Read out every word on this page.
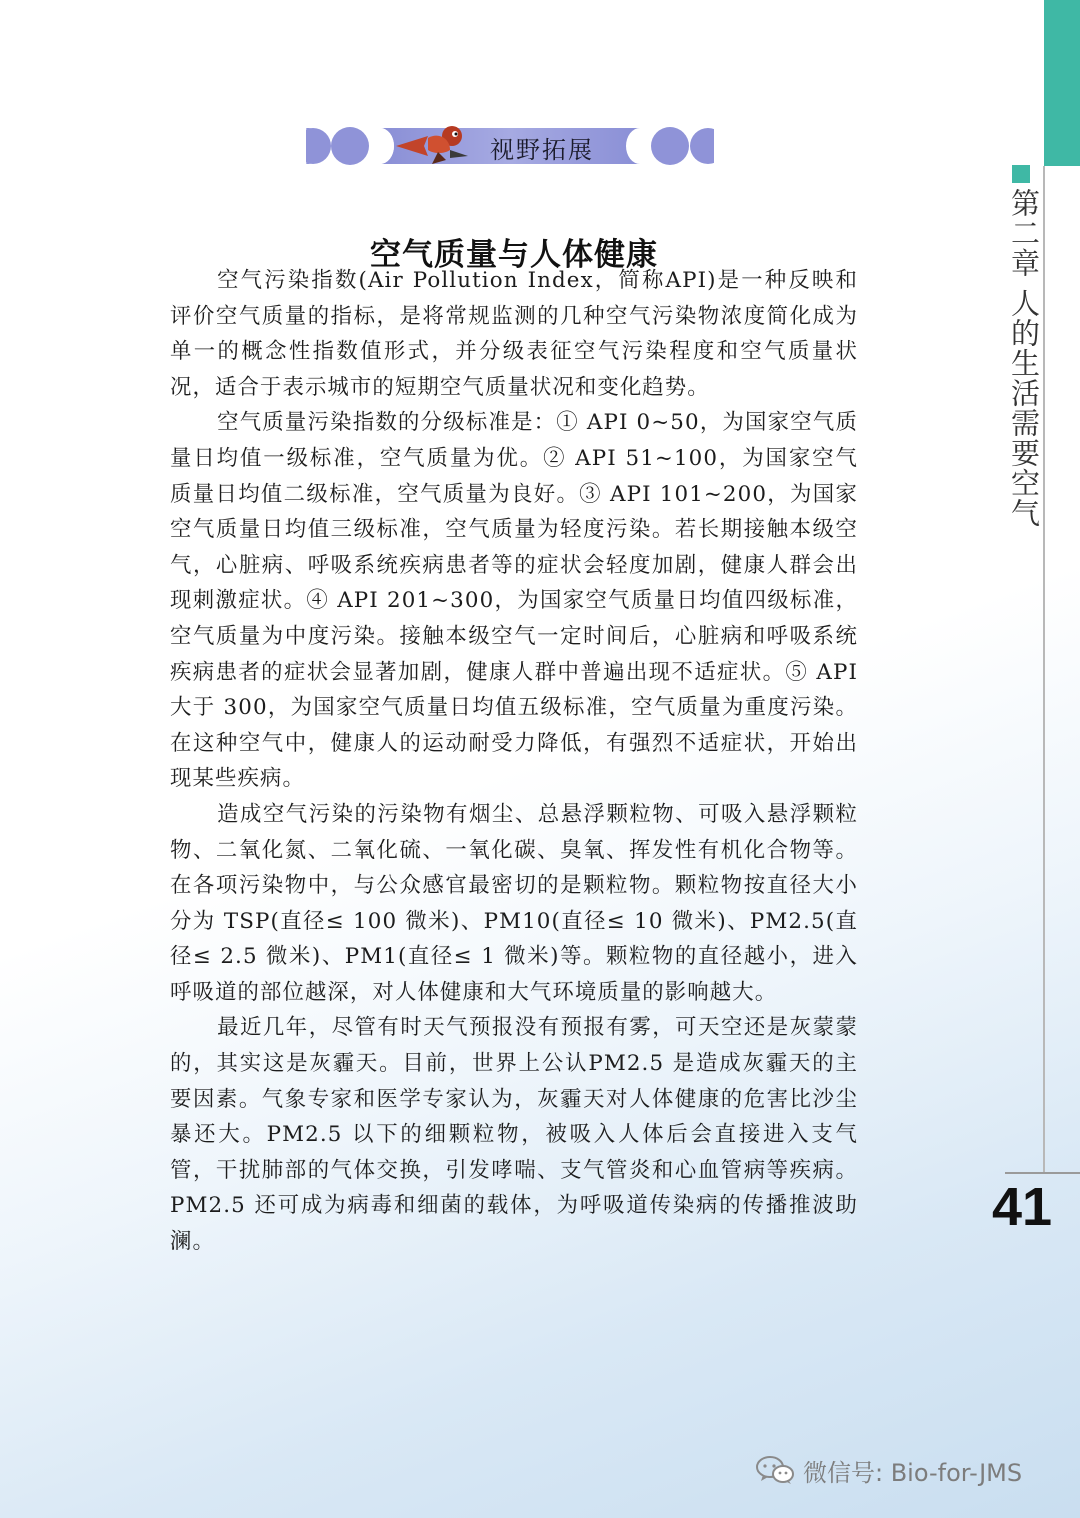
第二章 人的生活需要空气
41
视野拓展
空气质量与人体健康

空气污染指数(Air Pollution Index，简称API)是一种反映和评价空气质量的指标，是将常规监测的几种空气污染物浓度简化成为单一的概念性指数值形式，并分级表征空气污染程度和空气质量状况，适合于表示城市的短期空气质量状况和变化趋势。

空气质量污染指数的分级标准是：① API 0~50，为国家空气质量日均值一级标准，空气质量为优。② API 51~100，为国家空气质量日均值二级标准，空气质量为良好。③ API 101~200，为国家空气质量日均值三级标准，空气质量为轻度污染。若长期接触本级空气，心脏病、呼吸系统疾病患者等的症状会轻度加剧，健康人群会出现刺激症状。④ API 201~300，为国家空气质量日均值四级标准，空气质量为中度污染。接触本级空气一定时间后，心脏病和呼吸系统疾病患者的症状会显著加剧，健康人群中普遍出现不适症状。⑤ API 大于 300，为国家空气质量日均值五级标准，空气质量为重度污染。在这种空气中，健康人的运动耐受力降低，有强烈不适症状，开始出现某些疾病。

造成空气污染的污染物有烟尘、总悬浮颗粒物、可吸入悬浮颗粒物、二氧化氮、二氧化硫、一氧化碳、臭氧、挥发性有机化合物等。在各项污染物中，与公众感官最密切的是颗粒物。颗粒物按直径大小分为 TSP(直径≤ 100 微米)、PM10(直径≤ 10 微米)、PM2.5(直径≤ 2.5 微米)、PM1(直径≤ 1 微米)等。颗粒物的直径越小，进入呼吸道的部位越深，对人体健康和大气环境质量的影响越大。

最近几年，尽管有时天气预报没有预报有雾，可天空还是灰蒙蒙的，其实这是灰霾天。目前，世界上公认PM2.5 是造成灰霾天的主要因素。气象专家和医学专家认为，灰霾天对人体健康的危害比沙尘暴还大。PM2.5 以下的细颗粒物，被吸入人体后会直接进入支气管，干扰肺部的气体交换，引发哮喘、支气管炎和心血管病等疾病。PM2.5 还可成为病毒和细菌的载体，为呼吸道传染病的传播推波助澜。

微信号: Bio-for-JMS
